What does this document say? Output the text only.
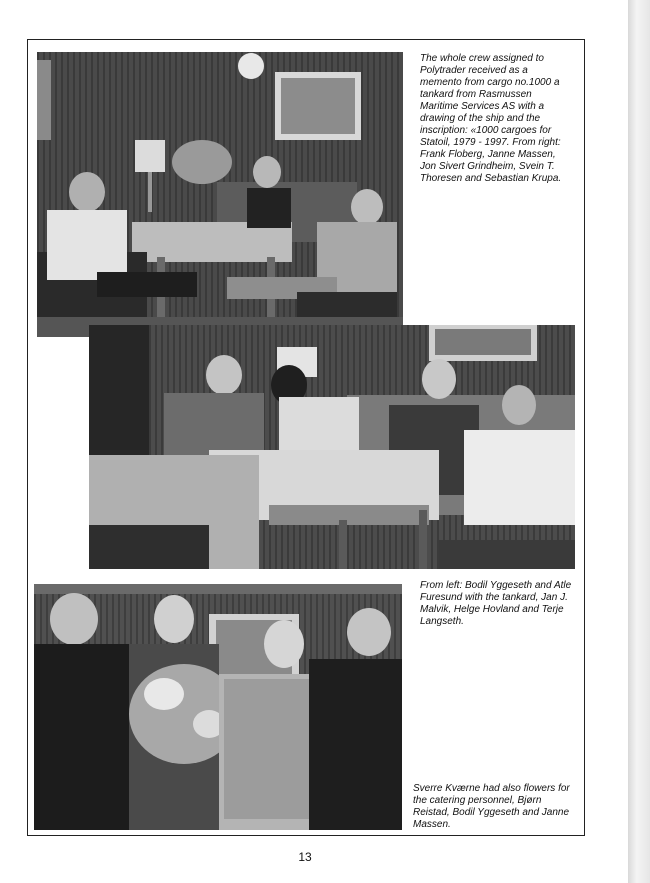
The whole crew assigned to Polytrader received as a memento from cargo no.1000 a tankard from Rasmussen Maritime Services AS with a drawing of the ship and the inscription: «1000 cargoes for Statoil, 1979 - 1997. From right: Frank Floberg, Janne Massen, Jon Sivert Grindheim, Svein T. Thoresen and Sebastian Krupa.

From left: Bodil Yggeseth and Atle Furesund with the tankard, Jan J. Malvik, Helge Hovland and Terje Langseth.

Sverre Kværne had also flowers for the catering personnel, Bjørn Reistad, Bodil Yggeseth and Janne Massen.

13
